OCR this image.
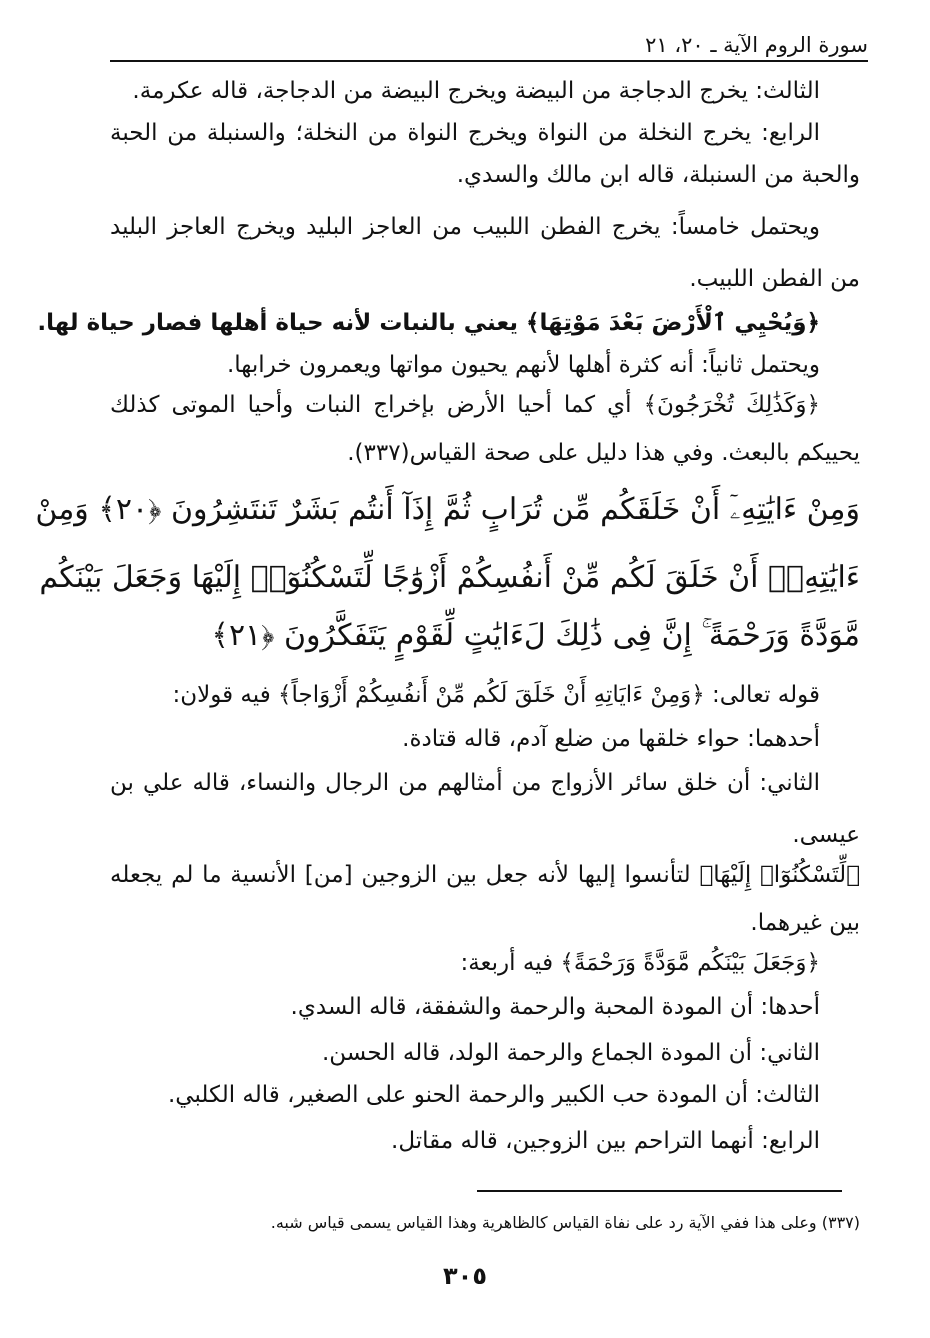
سورة الروم الآية ـ ٢٠، ٢١
الثالث: يخرج الدجاجة من البيضة ويخرج البيضة من الدجاجة، قاله عكرمة.
الرابع: يخرج النخلة من النواة ويخرج النواة من النخلة؛ والسنبلة من الحبة
والحبة من السنبلة، قاله ابن مالك والسدي.
ويحتمل خامساً: يخرج الفطن اللبيب من العاجز البليد ويخرج العاجز البليد
من الفطن اللبيب.
﴿وَيُحْيِي ٱلْأَرْضَ بَعْدَ مَوْتِهَا﴾ يعني بالنبات لأنه حياة أهلها فصار حياة لها.
ويحتمل ثانياً: أنه كثرة أهلها لأنهم يحيون مواتها ويعمرون خرابها.
﴿وَكَذَٰلِكَ تُخْرَجُونَ﴾ أي كما أحيا الأرض بإخراج النبات وأحيا الموتى كذلك
يحييكم بالبعث. وفي هذا دليل على صحة القياس(٣٣٧).
وَمِنْ ءَايَٰتِهِۦٓ أَنْ خَلَقَكُم مِّن تُرَابٍ ثُمَّ إِذَآ أَنتُم بَشَرٌ تَنتَشِرُونَ ﴿٢٠﴾ وَمِنْ
ءَايَٰتِهِۦٓ أَنْ خَلَقَ لَكُم مِّنْ أَنفُسِكُمْ أَزْوَٰجًا لِّتَسْكُنُوٓا۟ إِلَيْهَا وَجَعَلَ بَيْنَكُم
مَّوَدَّةً وَرَحْمَةً ۚ إِنَّ فِى ذَٰلِكَ لَءَايَٰتٍ لِّقَوْمٍ يَتَفَكَّرُونَ ﴿٢١﴾
قوله تعالى: ﴿وَمِنْ ءَايَاتِهِ أَنْ خَلَقَ لَكُم مِّنْ أَنفُسِكُمْ أَزْوَاجاً﴾ فيه قولان:
أحدهما: حواء خلقها من ضلع آدم، قاله قتادة.
الثاني: أن خلق سائر الأزواج من أمثالهم من الرجال والنساء، قاله علي بن
عيسى.
﴿لِّتَسْكُنُوٓا۟ إِلَيْهَا﴾ لتأنسوا إليها لأنه جعل بين الزوجين [من] الأنسية ما لم يجعله
بين غيرهما.
﴿وَجَعَلَ بَيْنَكُم مَّوَدَّةً وَرَحْمَةً﴾ فيه أربعة:
أحدها: أن المودة المحبة والرحمة والشفقة، قاله السدي.
الثاني: أن المودة الجماع والرحمة الولد، قاله الحسن.
الثالث: أن المودة حب الكبير والرحمة الحنو على الصغير، قاله الكلبي.
الرابع: أنهما التراحم بين الزوجين، قاله مقاتل.
(٣٣٧) وعلى هذا ففي الآية رد على نفاة القياس كالظاهرية وهذا القياس يسمى قياس شبه.
٣٠٥
